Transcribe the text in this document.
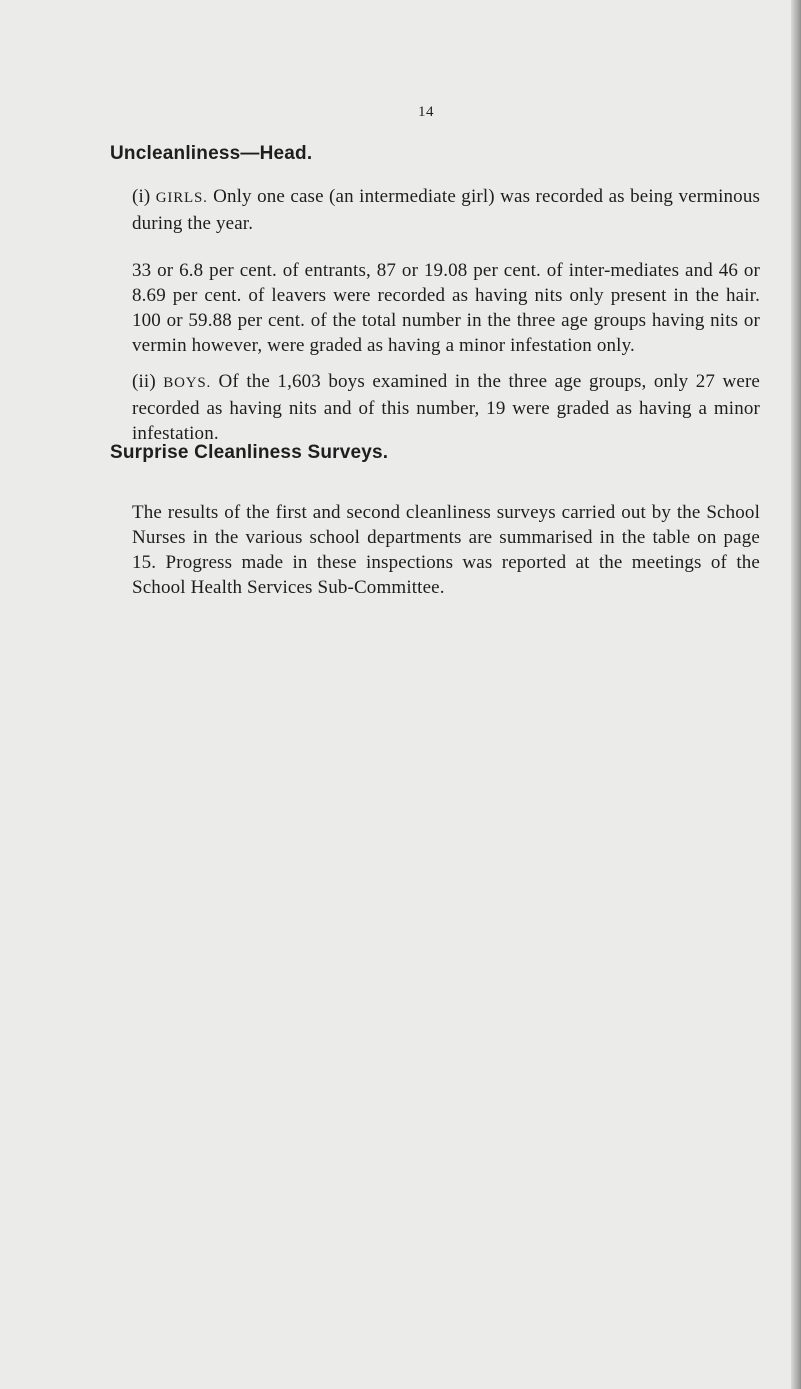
14
Uncleanliness—Head.
(i) GIRLS. Only one case (an intermediate girl) was recorded as being verminous during the year.
33 or 6.8 per cent. of entrants, 87 or 19.08 per cent. of inter-mediates and 46 or 8.69 per cent. of leavers were recorded as having nits only present in the hair. 100 or 59.88 per cent. of the total number in the three age groups having nits or vermin however, were graded as having a minor infestation only.
(ii) BOYS. Of the 1,603 boys examined in the three age groups, only 27 were recorded as having nits and of this number, 19 were graded as having a minor infestation.
Surprise Cleanliness Surveys.
The results of the first and second cleanliness surveys carried out by the School Nurses in the various school departments are summarised in the table on page 15. Progress made in these inspections was reported at the meetings of the School Health Services Sub-Committee.
